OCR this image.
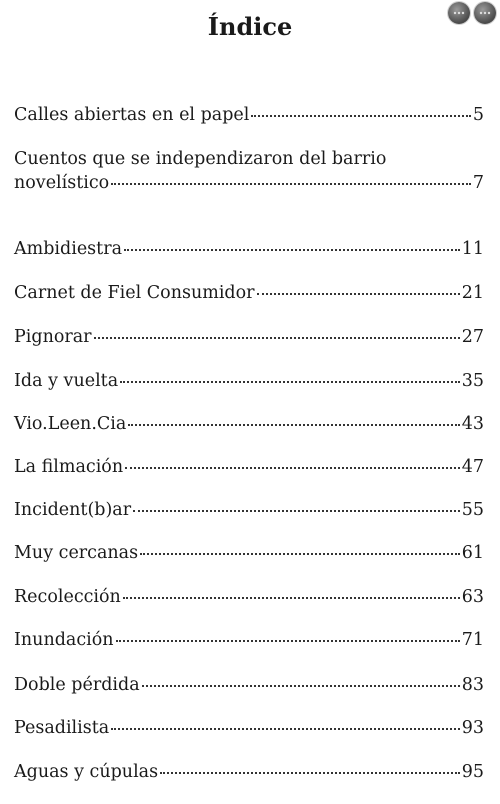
Índice
Calles abiertas en el papel	5
Cuentos que se independizaron del barrio
novelístico	7
Ambidiestra	11
Carnet de Fiel Consumidor	21
Pignorar	27
Ida y vuelta	35
Vio.Leen.Cia	43
La filmación	47
Incident(b)ar	55
Muy cercanas	61
Recolección	63
Inundación	71
Doble pérdida	83
Pesadilista	93
Aguas y cúpulas	95
